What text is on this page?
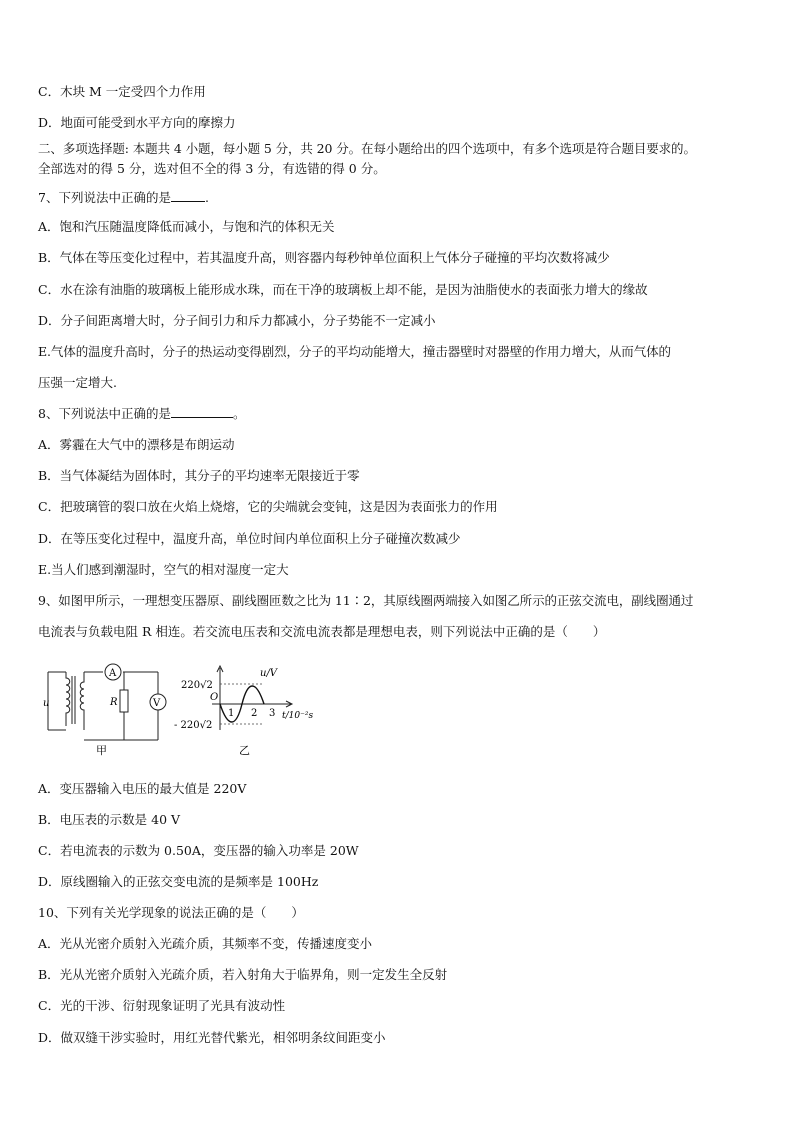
C．木块 M 一定受四个力作用
D．地面可能受到水平方向的摩擦力
二、多项选择题: 本题共 4 小题，每小题 5 分，共 20 分。在每小题给出的四个选项中，有多个选项是符合题目要求的。
全部选对的得 5 分，选对但不全的得 3 分，有选错的得 0 分。
7、下列说法中正确的是	.
A．饱和汽压随温度降低而减小，与饱和汽的体积无关
B．气体在等压变化过程中，若其温度升高，则容器内每秒钟单位面积上气体分子碰撞的平均次数将减少
C．水在涂有油脂的玻璃板上能形成水珠，而在干净的玻璃板上却不能，是因为油脂使水的表面张力增大的缘故
D．分子间距离增大时，分子间引力和斥力都减小，分子势能不一定减小
E.气体的温度升高时，分子的热运动变得剧烈，分子的平均动能增大，撞击器壁时对器壁的作用力增大，从而气体的
压强一定增大.
8、下列说法中正确的是	。
A．雾霾在大气中的漂移是布朗运动
B．当气体凝结为固体时，其分子的平均速率无限接近于零
C．把玻璃管的裂口放在火焰上烧熔，它的尖端就会变钝，这是因为表面张力的作用
D．在等压变化过程中，温度升高，单位时间内单位面积上分子碰撞次数减少
E.当人们感到潮湿时，空气的相对湿度一定大
9、如图甲所示，一理想变压器原、副线圈匝数之比为 11∶2，其原线圈两端接入如图乙所示的正弦交流电，副线圈通过
电流表与负载电阻 R 相连。若交流电压表和交流电流表都是理想电表，则下列说法中正确的是（　　）
u
A
V
R
甲
u/V
220√2
- 220√2
O
1 2 3 t/10⁻²s
乙
A．变压器输入电压的最大值是 220V
B．电压表的示数是 40 V
C．若电流表的示数为 0.50A，变压器的输入功率是 20W
D．原线圈输入的正弦交变电流的是频率是 100Hz
10、下列有关光学现象的说法正确的是（　　）
A．光从光密介质射入光疏介质，其频率不变，传播速度变小
B．光从光密介质射入光疏介质，若入射角大于临界角，则一定发生全反射
C．光的干涉、衍射现象证明了光具有波动性
D．做双缝干涉实验时，用红光替代紫光，相邻明条纹间距变小
